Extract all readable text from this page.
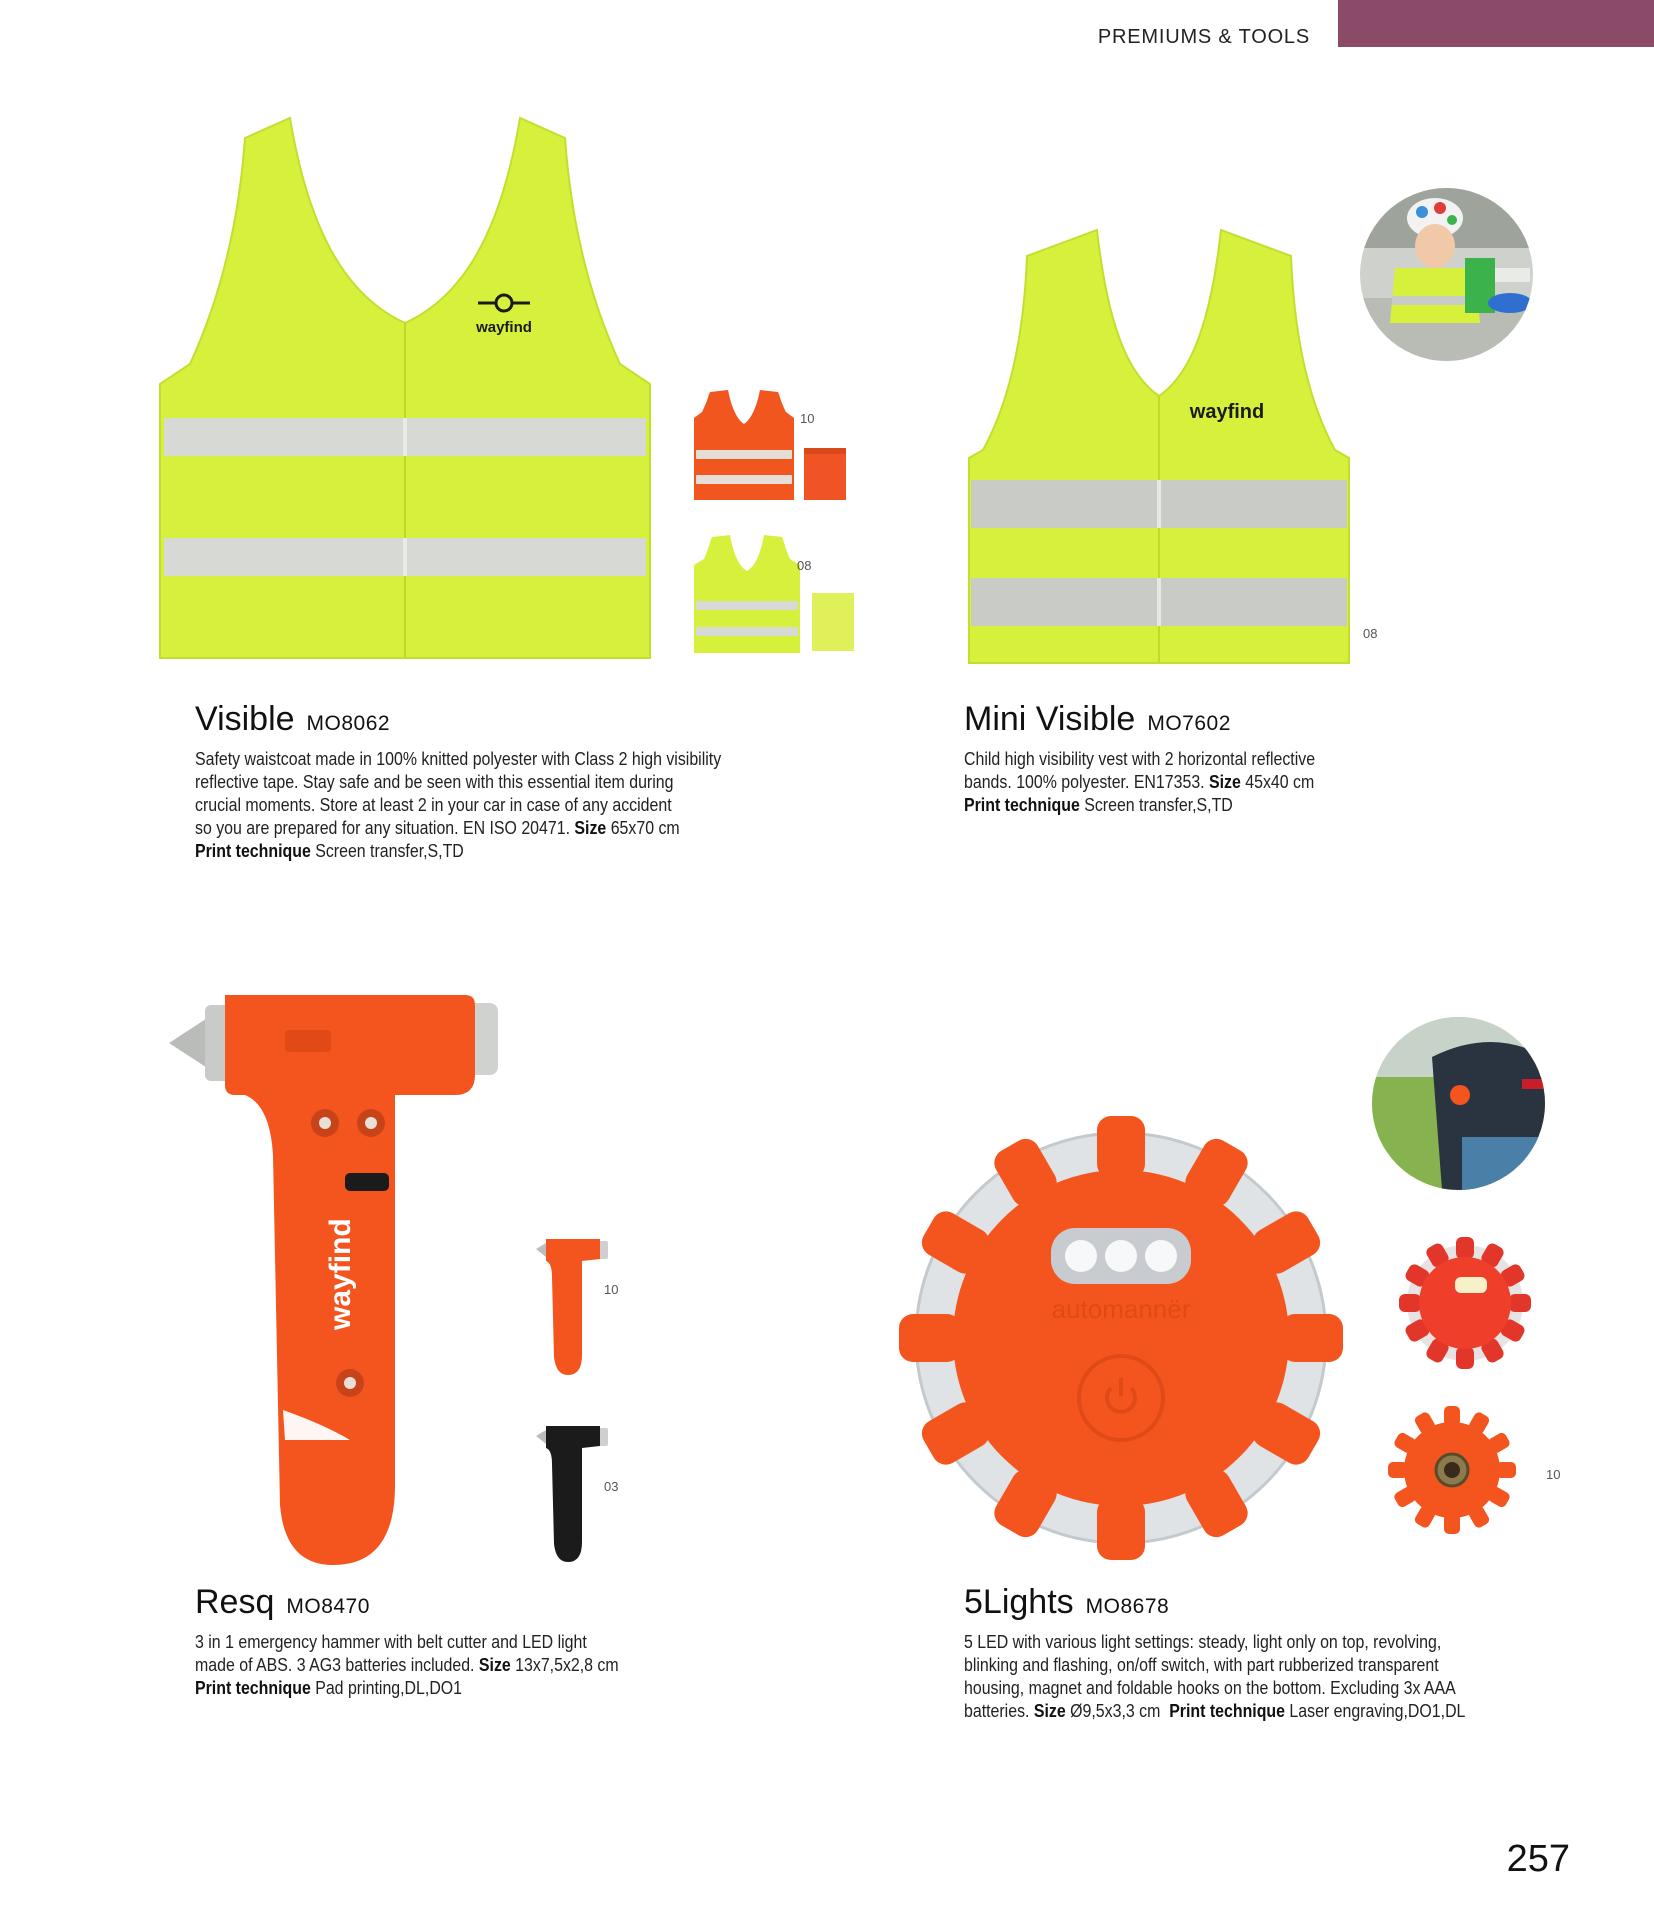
PREMIUMS & TOOLS
wayfind
10
08
Visible MO8062
Safety waistcoat made in 100% knitted polyester with Class 2 high visibility
reflective tape. Stay safe and be seen with this essential item during
crucial moments. Store at least 2 in your car in case of any accident
so you are prepared for any situation. EN ISO 20471. Size 65x70 cm
Print technique Screen transfer,S,TD
wayfind
08
Mini Visible MO7602
Child high visibility vest with 2 horizontal reflective
bands. 100% polyester. EN17353. Size 45x40 cm
Print technique Screen transfer,S,TD
wayfind	10
03
Resq MO8470
3 in 1 emergency hammer with belt cutter and LED light
made of ABS. 3 AG3 batteries included. Size 13x7,5x2,8 cm
Print technique Pad printing,DL,DO1
automannër
10
5Lights MO8678
5 LED with various light settings: steady, light only on top, revolving,
blinking and flashing, on/off switch, with part rubberized transparent
housing, magnet and foldable hooks on the bottom. Excluding 3x AAA
batteries. Size Ø9,5x3,3 cm Print technique Laser engraving,DO1,DL
257
